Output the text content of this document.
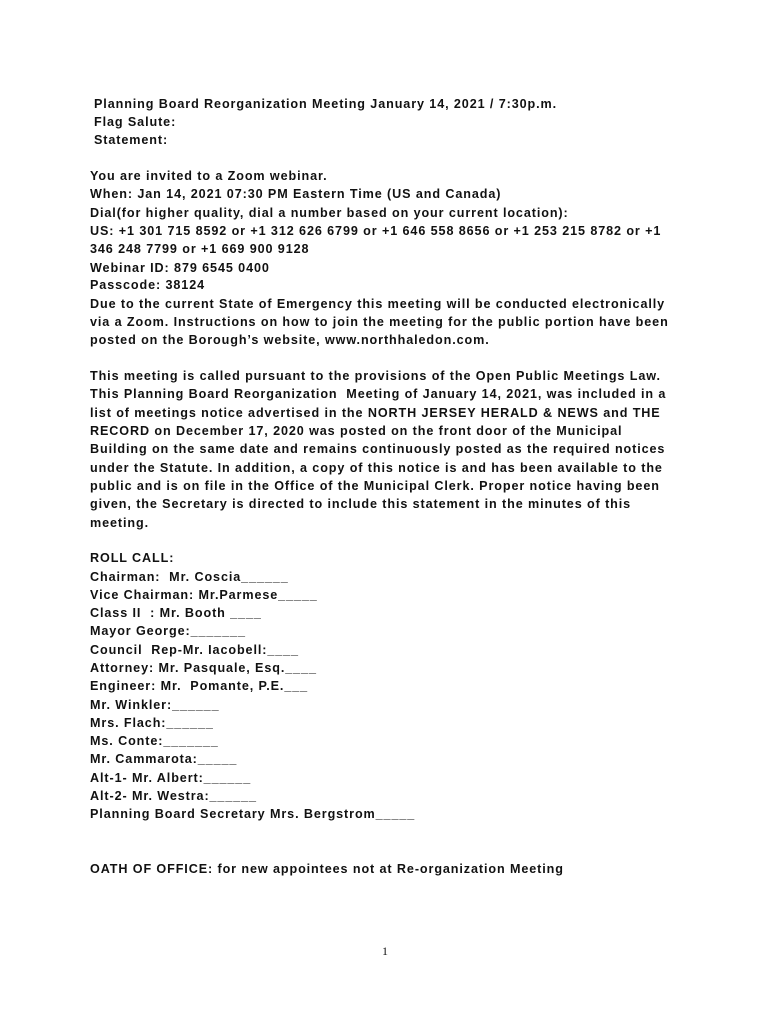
Planning Board Reorganization Meeting January 14, 2021 / 7:30p.m.
Flag Salute:
Statement:
You are invited to a Zoom webinar.
When: Jan 14, 2021 07:30 PM Eastern Time (US and Canada)
Dial(for higher quality, dial a number based on your current location):
US: +1 301 715 8592 or +1 312 626 6799 or +1 646 558 8656 or +1 253 215 8782 or +1
346 248 7799 or +1 669 900 9128
Webinar ID: 879 6545 0400
Passcode: 38124
Due to the current State of Emergency this meeting will be conducted electronically
via a Zoom. Instructions on how to join the meeting for the public portion have been
posted on the Borough’s website, www.northhaledon.com.
This meeting is called pursuant to the provisions of the Open Public Meetings Law.
This Planning Board Reorganization  Meeting of January 14, 2021, was included in a
list of meetings notice advertised in the NORTH JERSEY HERALD & NEWS and THE
RECORD on December 17, 2020 was posted on the front door of the Municipal
Building on the same date and remains continuously posted as the required notices
under the Statute. In addition, a copy of this notice is and has been available to the
public and is on file in the Office of the Municipal Clerk. Proper notice having been
given, the Secretary is directed to include this statement in the minutes of this
meeting.
ROLL CALL:
Chairman:  Mr. Coscia______
Vice Chairman: Mr.Parmese_____
Class II  : Mr. Booth ____
Mayor George:_______
Council  Rep-Mr. Iacobell:____
Attorney: Mr. Pasquale, Esq.____
Engineer: Mr.  Pomante, P.E.___
Mr. Winkler:______
Mrs. Flach:______
Ms. Conte:_______
Mr. Cammarota:_____
Alt-1- Mr. Albert:______
Alt-2- Mr. Westra:______
Planning Board Secretary Mrs. Bergstrom_____
OATH OF OFFICE: for new appointees not at Re-organization Meeting
1
